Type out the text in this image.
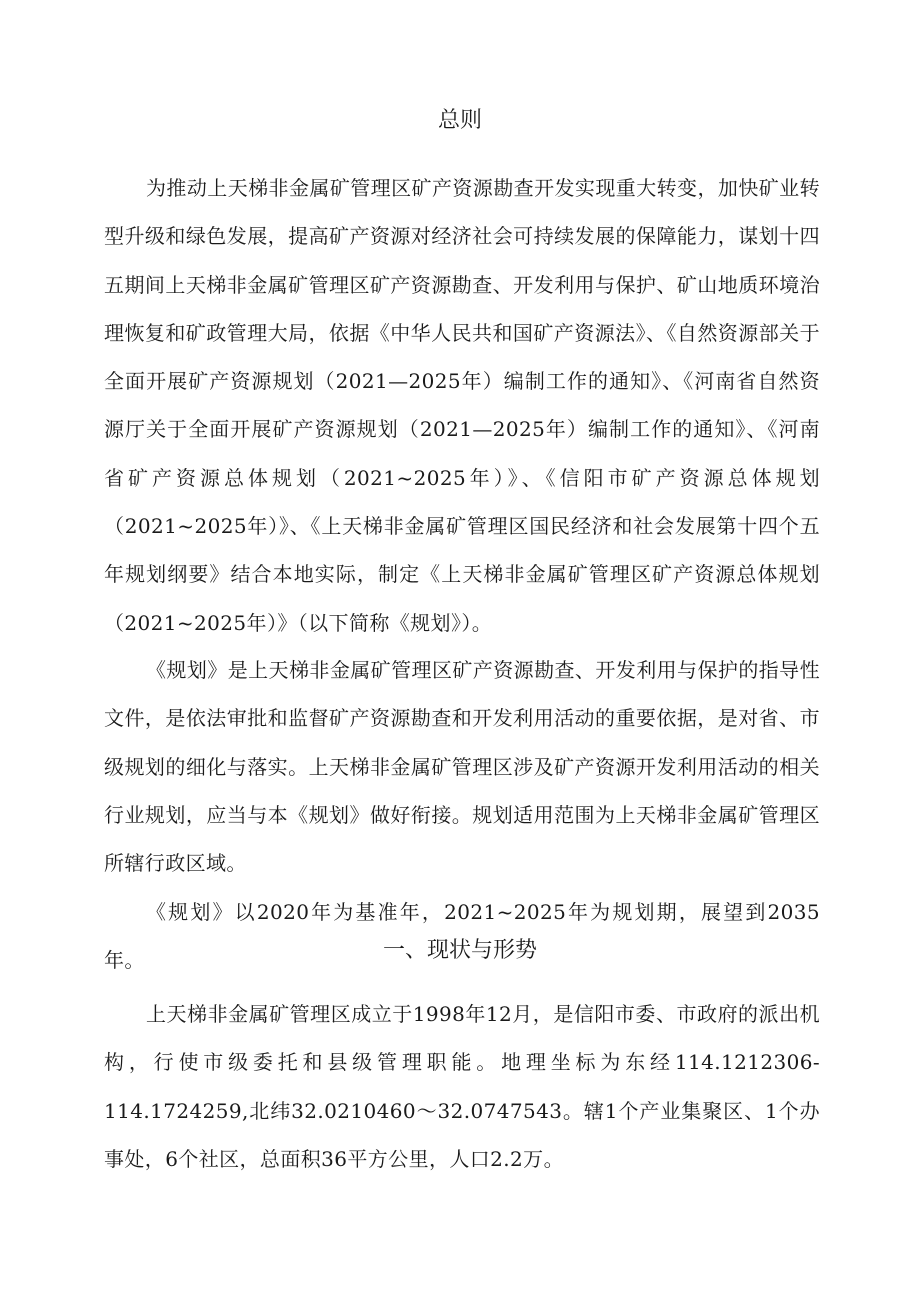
总则

为推动上天梯非金属矿管理区矿产资源勘查开发实现重大转变，加快矿业转型升级和绿色发展，提高矿产资源对经济社会可持续发展的保障能力，谋划十四五期间上天梯非金属矿管理区矿产资源勘查、开发利用与保护、矿山地质环境治理恢复和矿政管理大局，依据《中华人民共和国矿产资源法》、《自然资源部关于全面开展矿产资源规划（2021—2025年）编制工作的通知》、《河南省自然资源厅关于全面开展矿产资源规划（2021—2025年）编制工作的通知》、《河南省矿产资源总体规划（2021~2025年）》、《信阳市矿产资源总体规划（2021~2025年）》、《上天梯非金属矿管理区国民经济和社会发展第十四个五年规划纲要》结合本地实际，制定《上天梯非金属矿管理区矿产资源总体规划（2021~2025年）》（以下简称《规划》）。

《规划》是上天梯非金属矿管理区矿产资源勘查、开发利用与保护的指导性文件，是依法审批和监督矿产资源勘查和开发利用活动的重要依据，是对省、市级规划的细化与落实。上天梯非金属矿管理区涉及矿产资源开发利用活动的相关行业规划，应当与本《规划》做好衔接。规划适用范围为上天梯非金属矿管理区所辖行政区域。

《规划》以2020年为基准年，2021~2025年为规划期，展望到2035年。	一、现状与形势

上天梯非金属矿管理区成立于1998年12月，是信阳市委、市政府的派出机构，行使市级委托和县级管理职能。地理坐标为东经114.1212306-114.1724259,北纬32.0210460～32.0747543。辖1个产业集聚区、1个办事处，6个社区，总面积36平方公里，人口2.2万。
